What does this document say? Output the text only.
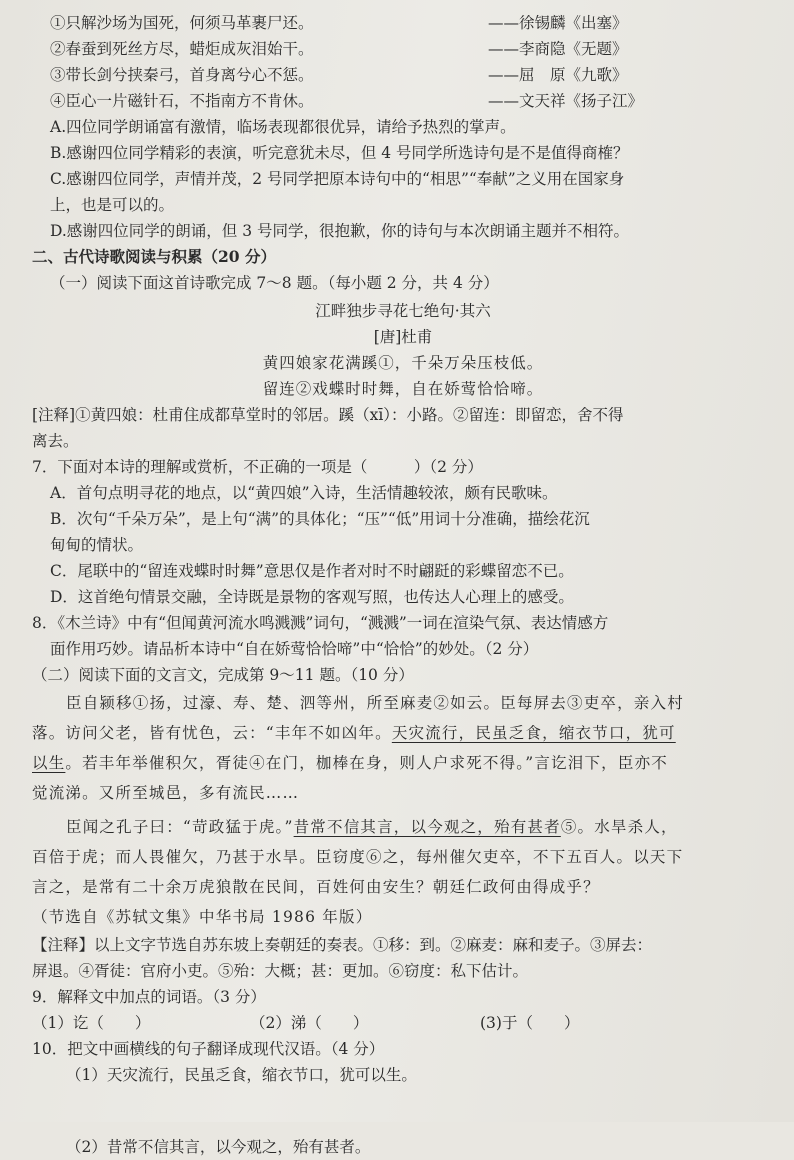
①只解沙场为国死，何须马革裹尸还。	——徐锡麟《出塞》
②春蚕到死丝方尽，蜡炬成灰泪始干。	——李商隐《无题》
③带长剑兮挟秦弓，首身离兮心不惩。	——屈　原《九歌》
④臣心一片磁针石，不指南方不肯休。	——文天祥《扬子江》
A.四位同学朗诵富有激情，临场表现都很优异，请给予热烈的掌声。
B.感谢四位同学精彩的表演，听完意犹未尽，但 4 号同学所选诗句是不是值得商榷？
C.感谢四位同学，声情并茂，2 号同学把原本诗句中的“相思”“奉献”之义用在国家身
上，也是可以的。
D.感谢四位同学的朗诵，但 3 号同学，很抱歉，你的诗句与本次朗诵主题并不相符。
二、古代诗歌阅读与积累（20 分）
（一）阅读下面这首诗歌完成 7～8 题。（每小题 2 分，共 4 分）
江畔独步寻花七绝句·其六
[唐]杜甫
黄四娘家花满蹊①，千朵万朵压枝低。
留连②戏蝶时时舞，自在娇莺恰恰啼。
[注释]①黄四娘：杜甫住成都草堂时的邻居。蹊（xī）：小路。②留连：即留恋，舍不得
离去。
7．下面对本诗的理解或赏析，不正确的一项是（　　　）（2 分）
A．首句点明寻花的地点，以“黄四娘”入诗，生活情趣较浓，颇有民歌味。
B．次句“千朵万朵”，是上句“满”的具体化；“压”“低”用词十分准确，描绘花沉
甸甸的情状。
C．尾联中的“留连戏蝶时时舞”意思仅是作者对时不时翩跹的彩蝶留恋不已。
D．这首绝句情景交融，全诗既是景物的客观写照，也传达人心理上的感受。
8．《木兰诗》中有“但闻黄河流水鸣溅溅”词句，“溅溅”一词在渲染气氛、表达情感方
面作用巧妙。请品析本诗中“自在娇莺恰恰啼”中“恰恰”的妙处。（2 分）
（二）阅读下面的文言文，完成第 9～11 题。（10 分）
臣自颍移①扬，过濠、寿、楚、泗等州，所至麻麦②如云。臣每屏去③吏卒，亲入村
落。访问父老，皆有忧色，云：“丰年不如凶年。天灾流行，民虽乏食，缩衣节口，犹可
以生。若丰年举催积欠，胥徒④在门，枷棒在身，则人户求死不得。”言讫泪下，臣亦不
觉流涕。又所至城邑，多有流民……
臣闻之孔子曰：“苛政猛于虎。”昔常不信其言，以今观之，殆有甚者⑤。水旱杀人，
百倍于虎；而人畏催欠，乃甚于水旱。臣窃度⑥之，每州催欠吏卒，不下五百人。以天下
言之，是常有二十余万虎狼散在民间，百姓何由安生？朝廷仁政何由得成乎？
（节选自《苏轼文集》中华书局 1986 年版）
【注释】以上文字节选自苏东坡上奏朝廷的奏表。①移：到。②麻麦：麻和麦子。③屏去：
屏退。④胥徒：官府小吏。⑤殆：大概；甚：更加。⑥窃度：私下估计。
9．解释文中加点的词语。（3 分）
（1）讫（　　）	（2）涕（　　）	(3)于（　　）
10．把文中画横线的句子翻译成现代汉语。（4 分）
（1）天灾流行，民虽乏食，缩衣节口，犹可以生。
（2）昔常不信其言，以今观之，殆有甚者。
